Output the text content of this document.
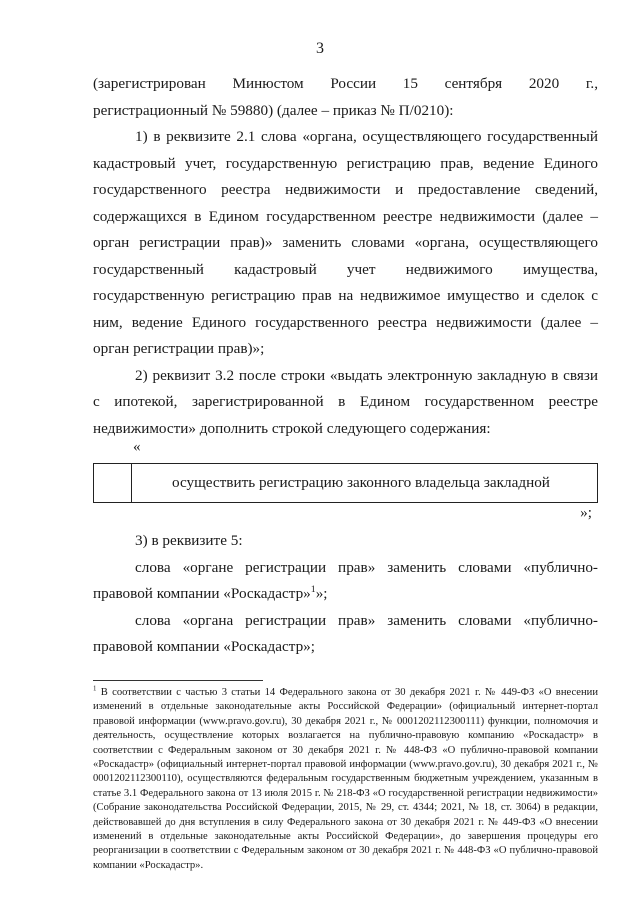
3

(зарегистрирован Минюстом России 15 сентября 2020 г.,

регистрационный № 59880) (далее – приказ № П/0210):

1) в реквизите 2.1 слова «органа, осуществляющего государственный кадастровый учет, государственную регистрацию прав, ведение Единого государственного реестра недвижимости и предоставление сведений, содержащихся в Едином государственном реестре недвижимости (далее – орган регистрации прав)» заменить словами «органа, осуществляющего государственный кадастровый учет недвижимого имущества, государственную регистрацию прав на недвижимое имущество и сделок с ним, ведение Единого государственного реестра недвижимости (далее – орган регистрации прав)»;

2) реквизит 3.2 после строки «выдать электронную закладную в связи с ипотекой, зарегистрированной в Едином государственном реестре недвижимости» дополнить строкой следующего содержания:

«
осуществить регистрацию законного владельца закладной
»;

3) в реквизите 5:

слова «органе регистрации прав» заменить словами «публично-правовой компании «Роскадастр»$^1$»;

слова «органа регистрации прав» заменить словами «публично-правовой компании «Роскадастр»;

$^1$ В соответствии с частью 3 статьи 14 Федерального закона от 30 декабря 2021 г. № 449-ФЗ «О внесении изменений в отдельные законодательные акты Российской Федерации» (официальный интернет-портал правовой информации (www.pravo.gov.ru), 30 декабря 2021 г., № 0001202112300111) функции, полномочия и деятельность, осуществление которых возлагается на публично-правовую компанию «Роскадастр» в соответствии с Федеральным законом от 30 декабря 2021 г. № 448-ФЗ «О публично-правовой компании «Роскадастр» (официальный интернет-портал правовой информации (www.pravo.gov.ru), 30 декабря 2021 г., № 0001202112300110), осуществляются федеральным государственным бюджетным учреждением, указанным в статье 3.1 Федерального закона от 13 июля 2015 г. № 218-ФЗ «О государственной регистрации недвижимости» (Собрание законодательства Российской Федерации, 2015, № 29, ст. 4344; 2021, № 18, ст. 3064) в редакции, действовавшей до дня вступления в силу Федерального закона от 30 декабря 2021 г. № 449-ФЗ «О внесении изменений в отдельные законодательные акты Российской Федерации», до завершения процедуры его реорганизации в соответствии с Федеральным законом от 30 декабря 2021 г. № 448-ФЗ «О публично-правовой компании «Роскадастр».
